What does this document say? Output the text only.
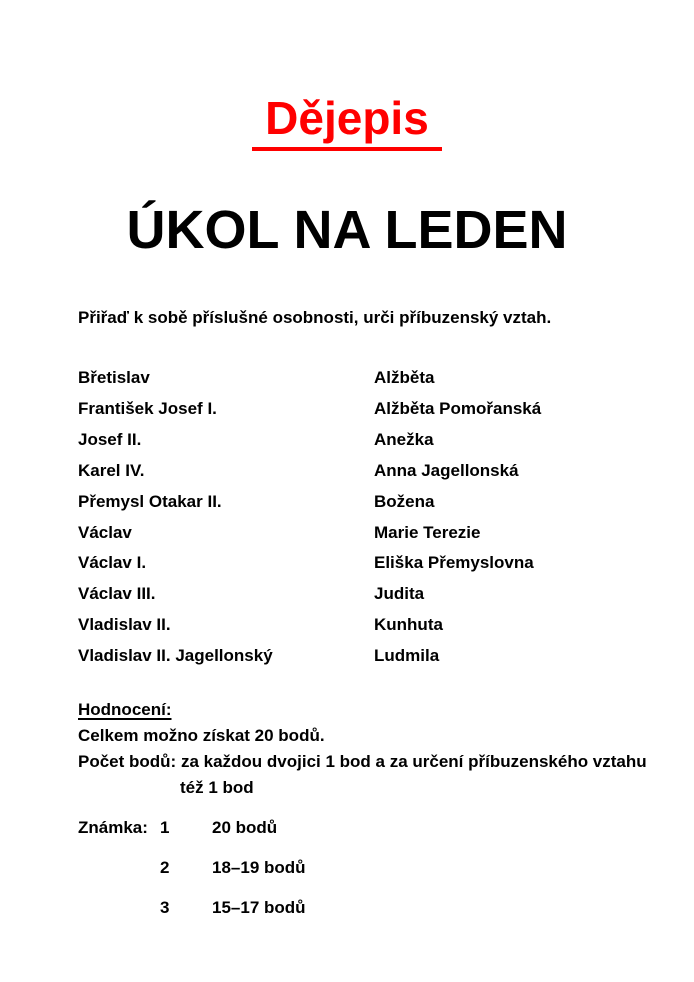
Dějepis
ÚKOL NA LEDEN
Přiřaď k sobě příslušné osobnosti, urči příbuzenský vztah.
Břetislav	Alžběta
František Josef I.	Alžběta Pomořanská
Josef II.	Anežka
Karel IV.	Anna Jagellonská
Přemysl Otakar II.	Božena
Václav	Marie Terezie
Václav I.	Eliška Přemyslovna
Václav III.	Judita
Vladislav II.	Kunhuta
Vladislav II. Jagellonský	Ludmila
Hodnocení:
Celkem možno získat 20 bodů.
Počet bodů: za každou dvojici 1 bod a za určení příbuzenského vztahu
též 1 bod
Známka: 1	20 bodů
2	18–19 bodů
3	15–17 bodů
